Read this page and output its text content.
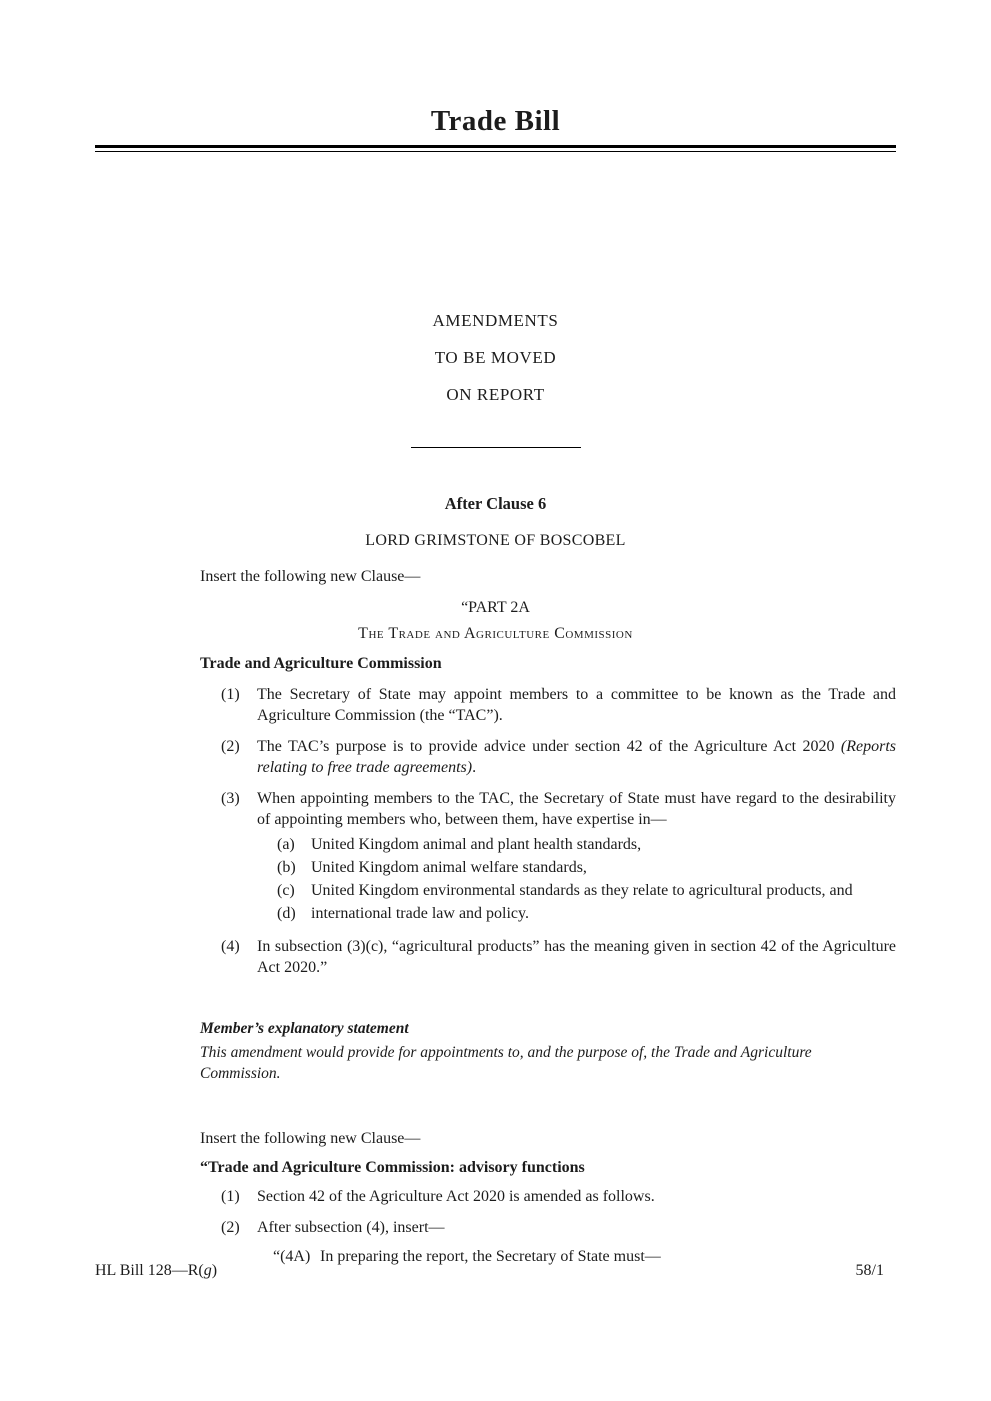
Trade Bill
AMENDMENTS
TO BE MOVED
ON REPORT
After Clause 6
LORD GRIMSTONE OF BOSCOBEL
Insert the following new Clause—
“PART 2A
The Trade and Agriculture Commission
Trade and Agriculture Commission
(1)	The Secretary of State may appoint members to a committee to be known as the Trade and Agriculture Commission (the “TAC”).
(2)	The TAC’s purpose is to provide advice under section 42 of the Agriculture Act 2020 (Reports relating to free trade agreements).
(3)	When appointing members to the TAC, the Secretary of State must have regard to the desirability of appointing members who, between them, have expertise in—
(a)	United Kingdom animal and plant health standards,
(b) United Kingdom animal welfare standards,
(c)	United Kingdom environmental standards as they relate to agricultural products, and
(d) international trade law and policy.
(4)	In subsection (3)(c), “agricultural products” has the meaning given in section 42 of the Agriculture Act 2020.”
Member’s explanatory statement
This amendment would provide for appointments to, and the purpose of, the Trade and Agriculture Commission.
Insert the following new Clause—
“Trade and Agriculture Commission: advisory functions
(1)	Section 42 of the Agriculture Act 2020 is amended as follows.
(2)	After subsection (4), insert—
“(4A) In preparing the report, the Secretary of State must—
HL Bill 128—R(g)	58/1
